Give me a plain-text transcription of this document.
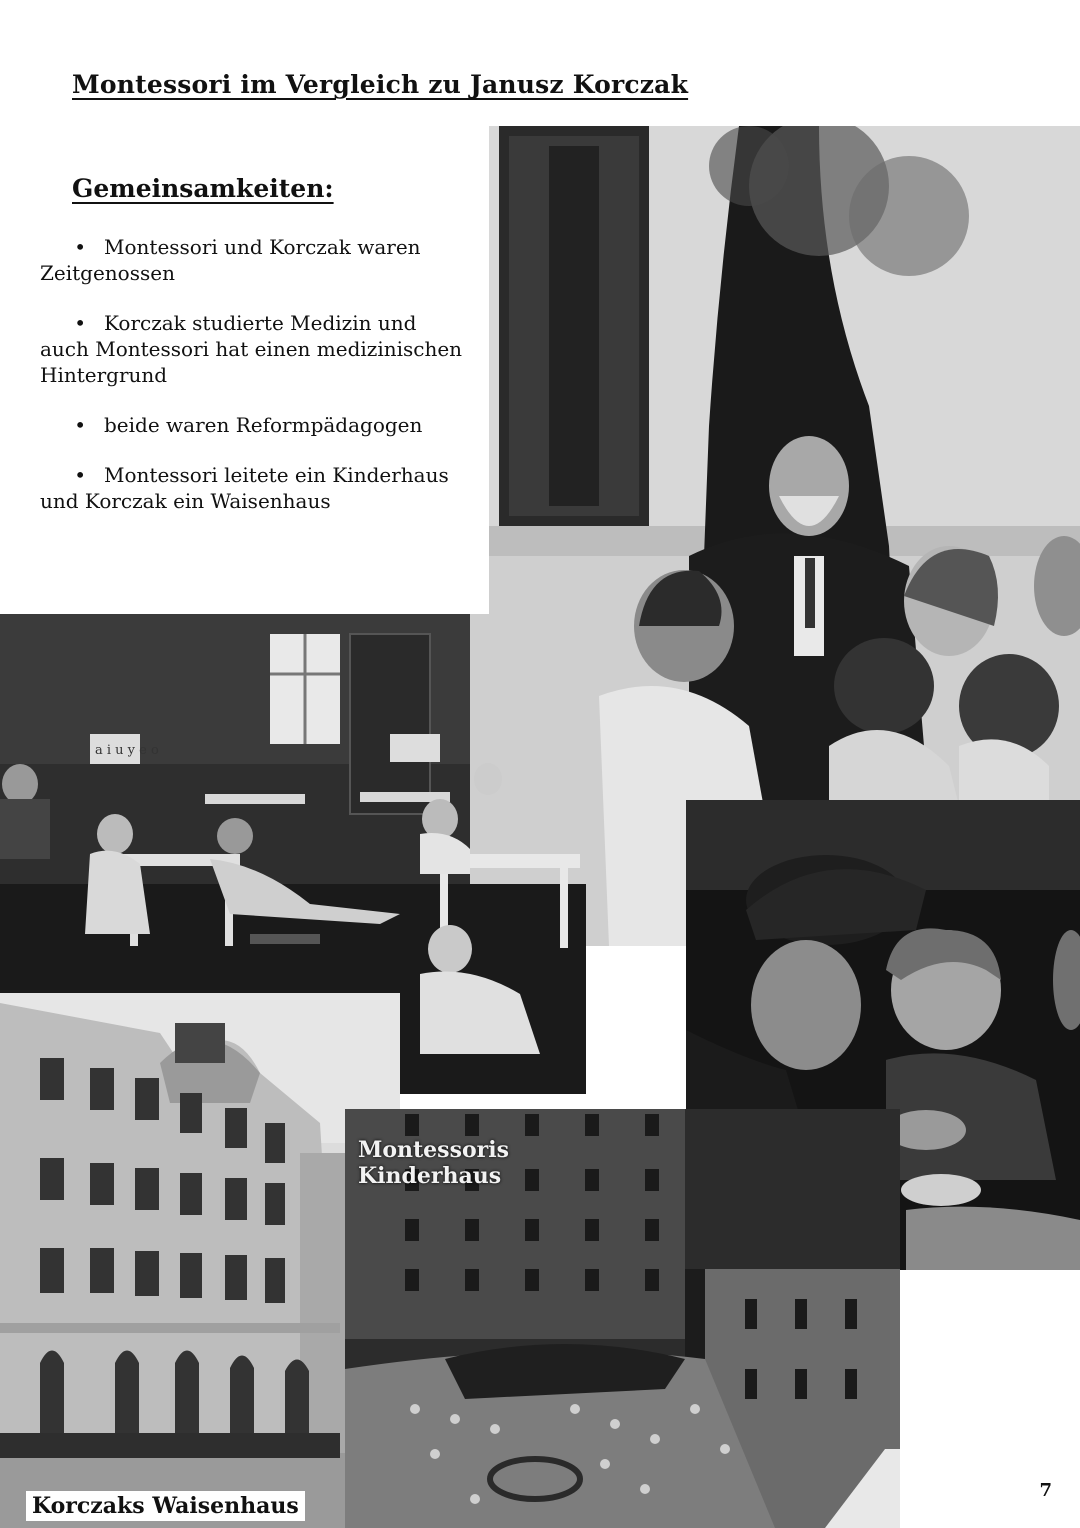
Montessori im Vergleich zu Janusz Korczak
Gemeinsamkeiten:
• Montessori und Korczak waren Zeitgenossen
• Korczak studierte Medizin und auch Montessori hat einen medizinischen Hintergrund
• beide waren Reformpädagogen
• Montessori leitete ein Kinderhaus und Korczak ein Waisenhaus
a i u y e o
Korczaks Waisenhaus
Montessoris Kinderhaus
7
